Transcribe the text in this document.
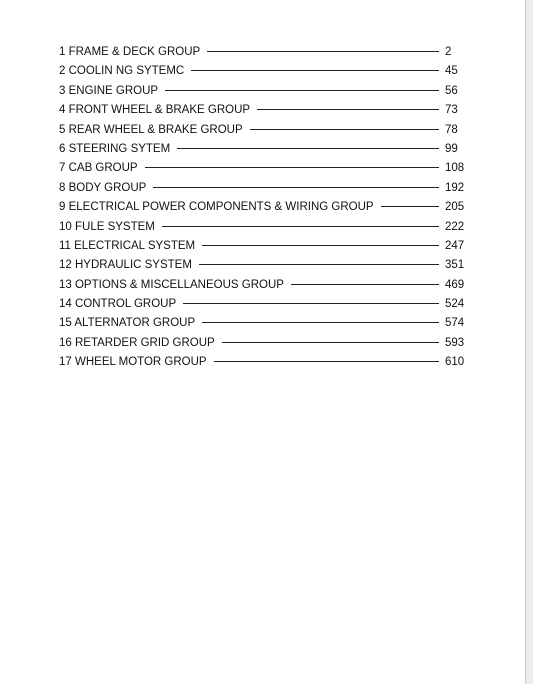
1 FRAME & DECK GROUP	2
2 COOLIN NG SYTEMC	45
3 ENGINE GROUP	56
4 FRONT WHEEL & BRAKE GROUP	73
5 REAR WHEEL & BRAKE GROUP	78
6 STEERING SYTEM	99
7 CAB GROUP	108
8 BODY GROUP	192
9 ELECTRICAL POWER COMPONENTS & WIRING GROUP	205
10 FULE SYSTEM	222
11 ELECTRICAL SYSTEM	247
12 HYDRAULIC SYSTEM	351
13 OPTIONS & MISCELLANEOUS GROUP	469
14 CONTROL GROUP	524
15 ALTERNATOR GROUP	574
16 RETARDER GRID GROUP	593
17 WHEEL MOTOR GROUP	610
